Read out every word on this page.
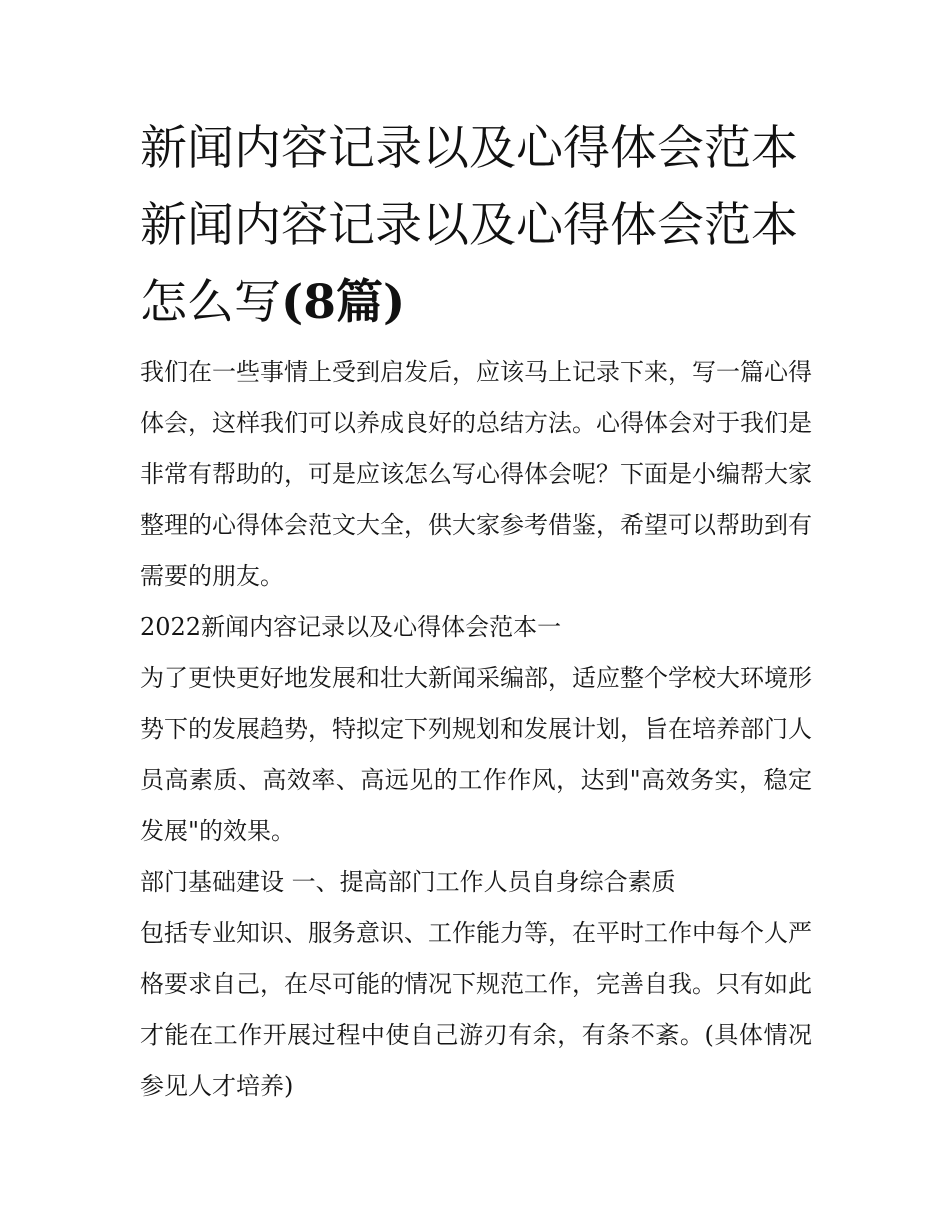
新闻内容记录以及心得体会范本 新闻内容记录以及心得体会范本怎么写(8篇)

我们在一些事情上受到启发后，应该马上记录下来，写一篇心得体会，这样我们可以养成良好的总结方法。心得体会对于我们是非常有帮助的，可是应该怎么写心得体会呢？下面是小编帮大家整理的心得体会范文大全，供大家参考借鉴，希望可以帮助到有需要的朋友。

2022新闻内容记录以及心得体会范本一

为了更快更好地发展和壮大新闻采编部，适应整个学校大环境形势下的发展趋势，特拟定下列规划和发展计划，旨在培养部门人员高素质、高效率、高远见的工作作风，达到"高效务实，稳定发展"的效果。

部门基础建设 一、提高部门工作人员自身综合素质

包括专业知识、服务意识、工作能力等，在平时工作中每个人严格要求自己，在尽可能的情况下规范工作，完善自我。只有如此才能在工作开展过程中使自己游刃有余，有条不紊。(具体情况参见人才培养)
